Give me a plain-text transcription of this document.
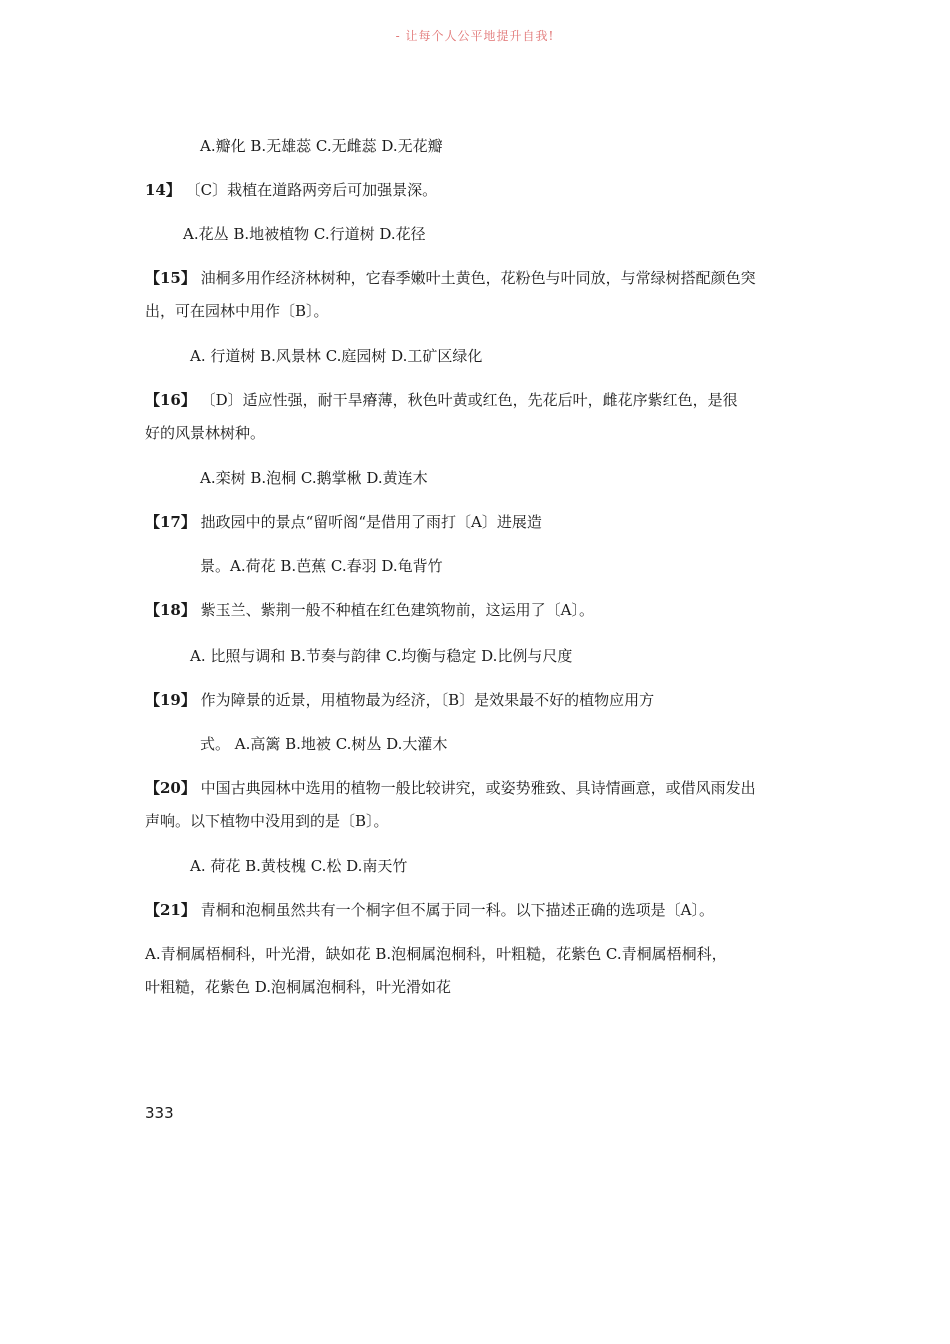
- 让每个人公平地提升自我!
A.瓣化 B.无雄蕊 C.无雌蕊 D.无花瓣
14】 〔C〕栽植在道路两旁后可加强景深。
A.花丛 B.地被植物 C.行道树 D.花径
【15】 油桐多用作经济林树种，它春季嫩叶土黄色，花粉色与叶同放，与常绿树搭配颜色突
出，可在园林中用作〔B〕。
A. 行道树 B.风景林 C.庭园树 D.工矿区绿化
【16】 〔D〕适应性强，耐干旱瘠薄，秋色叶黄或红色，先花后叶，雌花序紫红色，是很
好的风景林树种。
A.栾树 B.泡桐 C.鹅掌楸 D.黄连木
【17】 拙政园中的景点“留听阁“是借用了雨打〔A〕进展造
景。A.荷花 B.芭蕉 C.春羽 D.龟背竹
【18】 紫玉兰、紫荆一般不种植在红色建筑物前，这运用了〔A〕。
A. 比照与调和 B.节奏与韵律 C.均衡与稳定 D.比例与尺度
【19】 作为障景的近景，用植物最为经济，〔B〕是效果最不好的植物应用方
式。 A.高篱 B.地被 C.树丛 D.大灌木
【20】 中国古典园林中选用的植物一般比较讲究，或姿势雅致、具诗情画意，或借风雨发出
声响。以下植物中没用到的是〔B〕。
A. 荷花 B.黄枝槐 C.松 D.南天竹
【21】 青桐和泡桐虽然共有一个桐字但不属于同一科。以下描述正确的选项是〔A〕。
A.青桐属梧桐科，叶光滑，缺如花 B.泡桐属泡桐科，叶粗糙，花紫色 C.青桐属梧桐科，
叶粗糙，花紫色 D.泡桐属泡桐科，叶光滑如花
333
